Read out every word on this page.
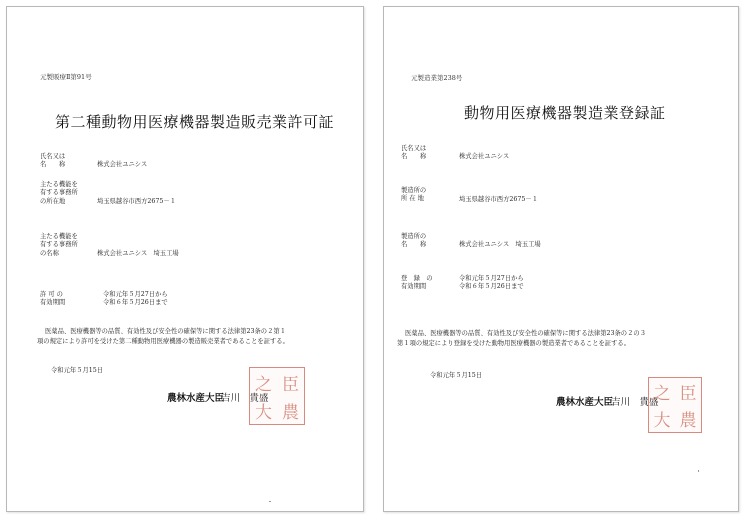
元製販療Ⅱ第91号
第二種動物用医療機器製造販売業許可証
氏名又は
名　　称	株式会社ユニシス
主たる機能を
有する事務所
の所在地	埼玉県越谷市西方2675－１
主たる機能を
有する事務所
の名称	株式会社ユニシス　埼玉工場
許 可 の
有効期間
令和元年５月27日から
令和６年５月26日まで
医薬品、医療機器等の品質、有効性及び安全性の確保等に関する法律第23条の２第１
項の規定により許可を受けた第二種動物用医療機器の製造販売業者であることを証する。
令和元年５月15日
農林水産大臣
吉川　貴盛
臣
之
農
大
元製造業第238号
動物用医療機器製造業登録証
氏名又は
名　　称	株式会社ユニシス
製造所の
所 在 地	埼玉県越谷市西方2675－１
製造所の
名　　称	株式会社ユニシス　埼玉工場
登　録　の
有効期間
令和元年５月27日から
令和６年５月26日まで
医薬品、医療機器等の品質、有効性及び安全性の確保等に関する法律第23条の２の３
第１項の規定により登録を受けた動物用医療機器の製造業者であることを証する。
令和元年５月15日
農林水産大臣
吉川　貴盛 臣
之
農
大
